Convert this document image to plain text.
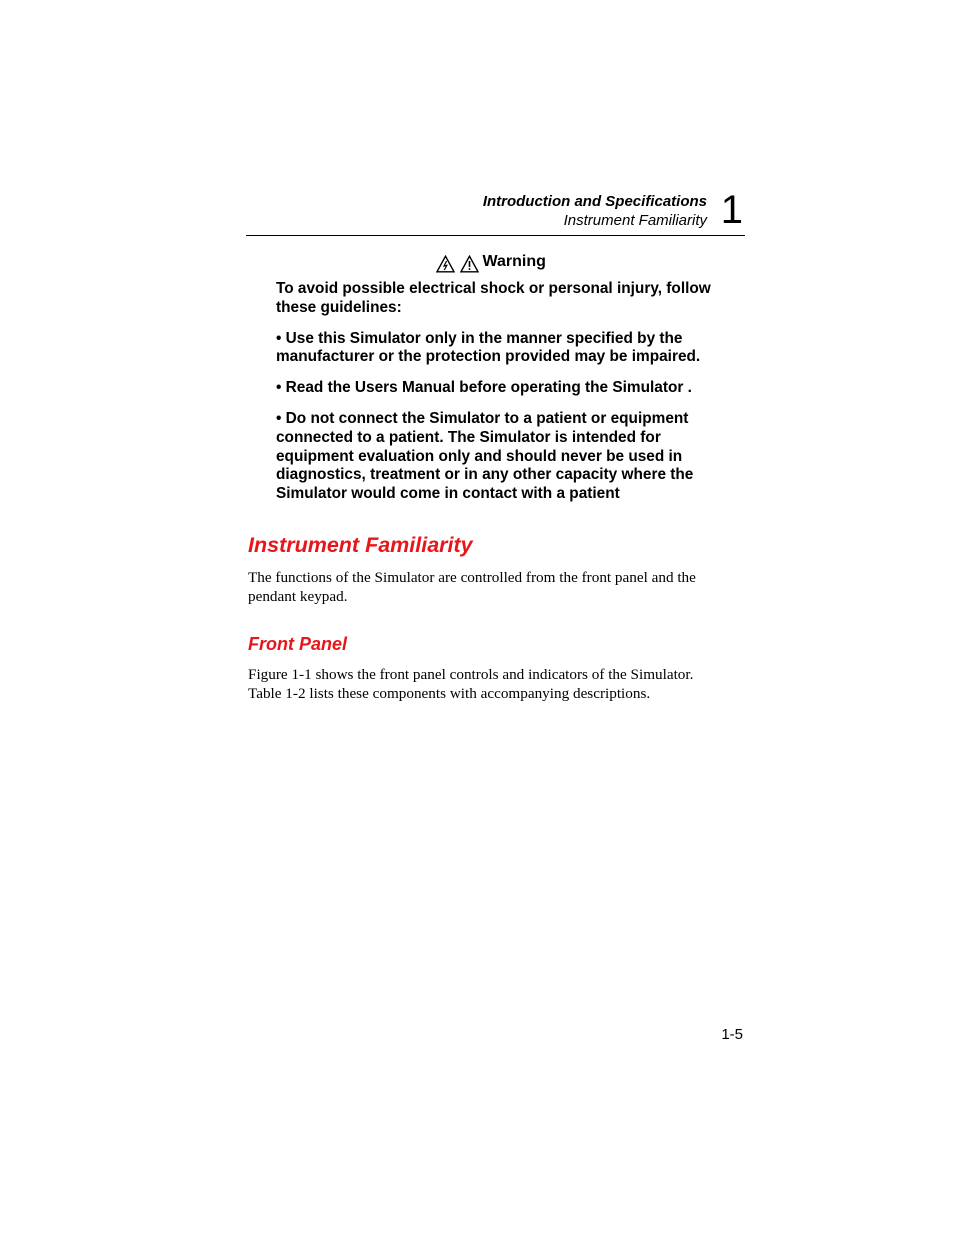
Introduction and Specifications
Instrument Familiarity 1
Warning

To avoid possible electrical shock or personal injury, follow these guidelines:

• Use this Simulator only in the manner specified by the manufacturer or the protection provided may be impaired.

• Read the Users Manual before operating the Simulator .

• Do not connect the Simulator to a patient or equipment connected to a patient. The Simulator is intended for equipment evaluation only and should never be used in diagnostics, treatment or in any other capacity where the Simulator would come in contact with a patient

Instrument Familiarity

The functions of the Simulator are controlled from the front panel and the pendant keypad.

Front Panel

Figure 1-1 shows the front panel controls and indicators of the Simulator. Table 1-2 lists these components with accompanying descriptions.

1-5
